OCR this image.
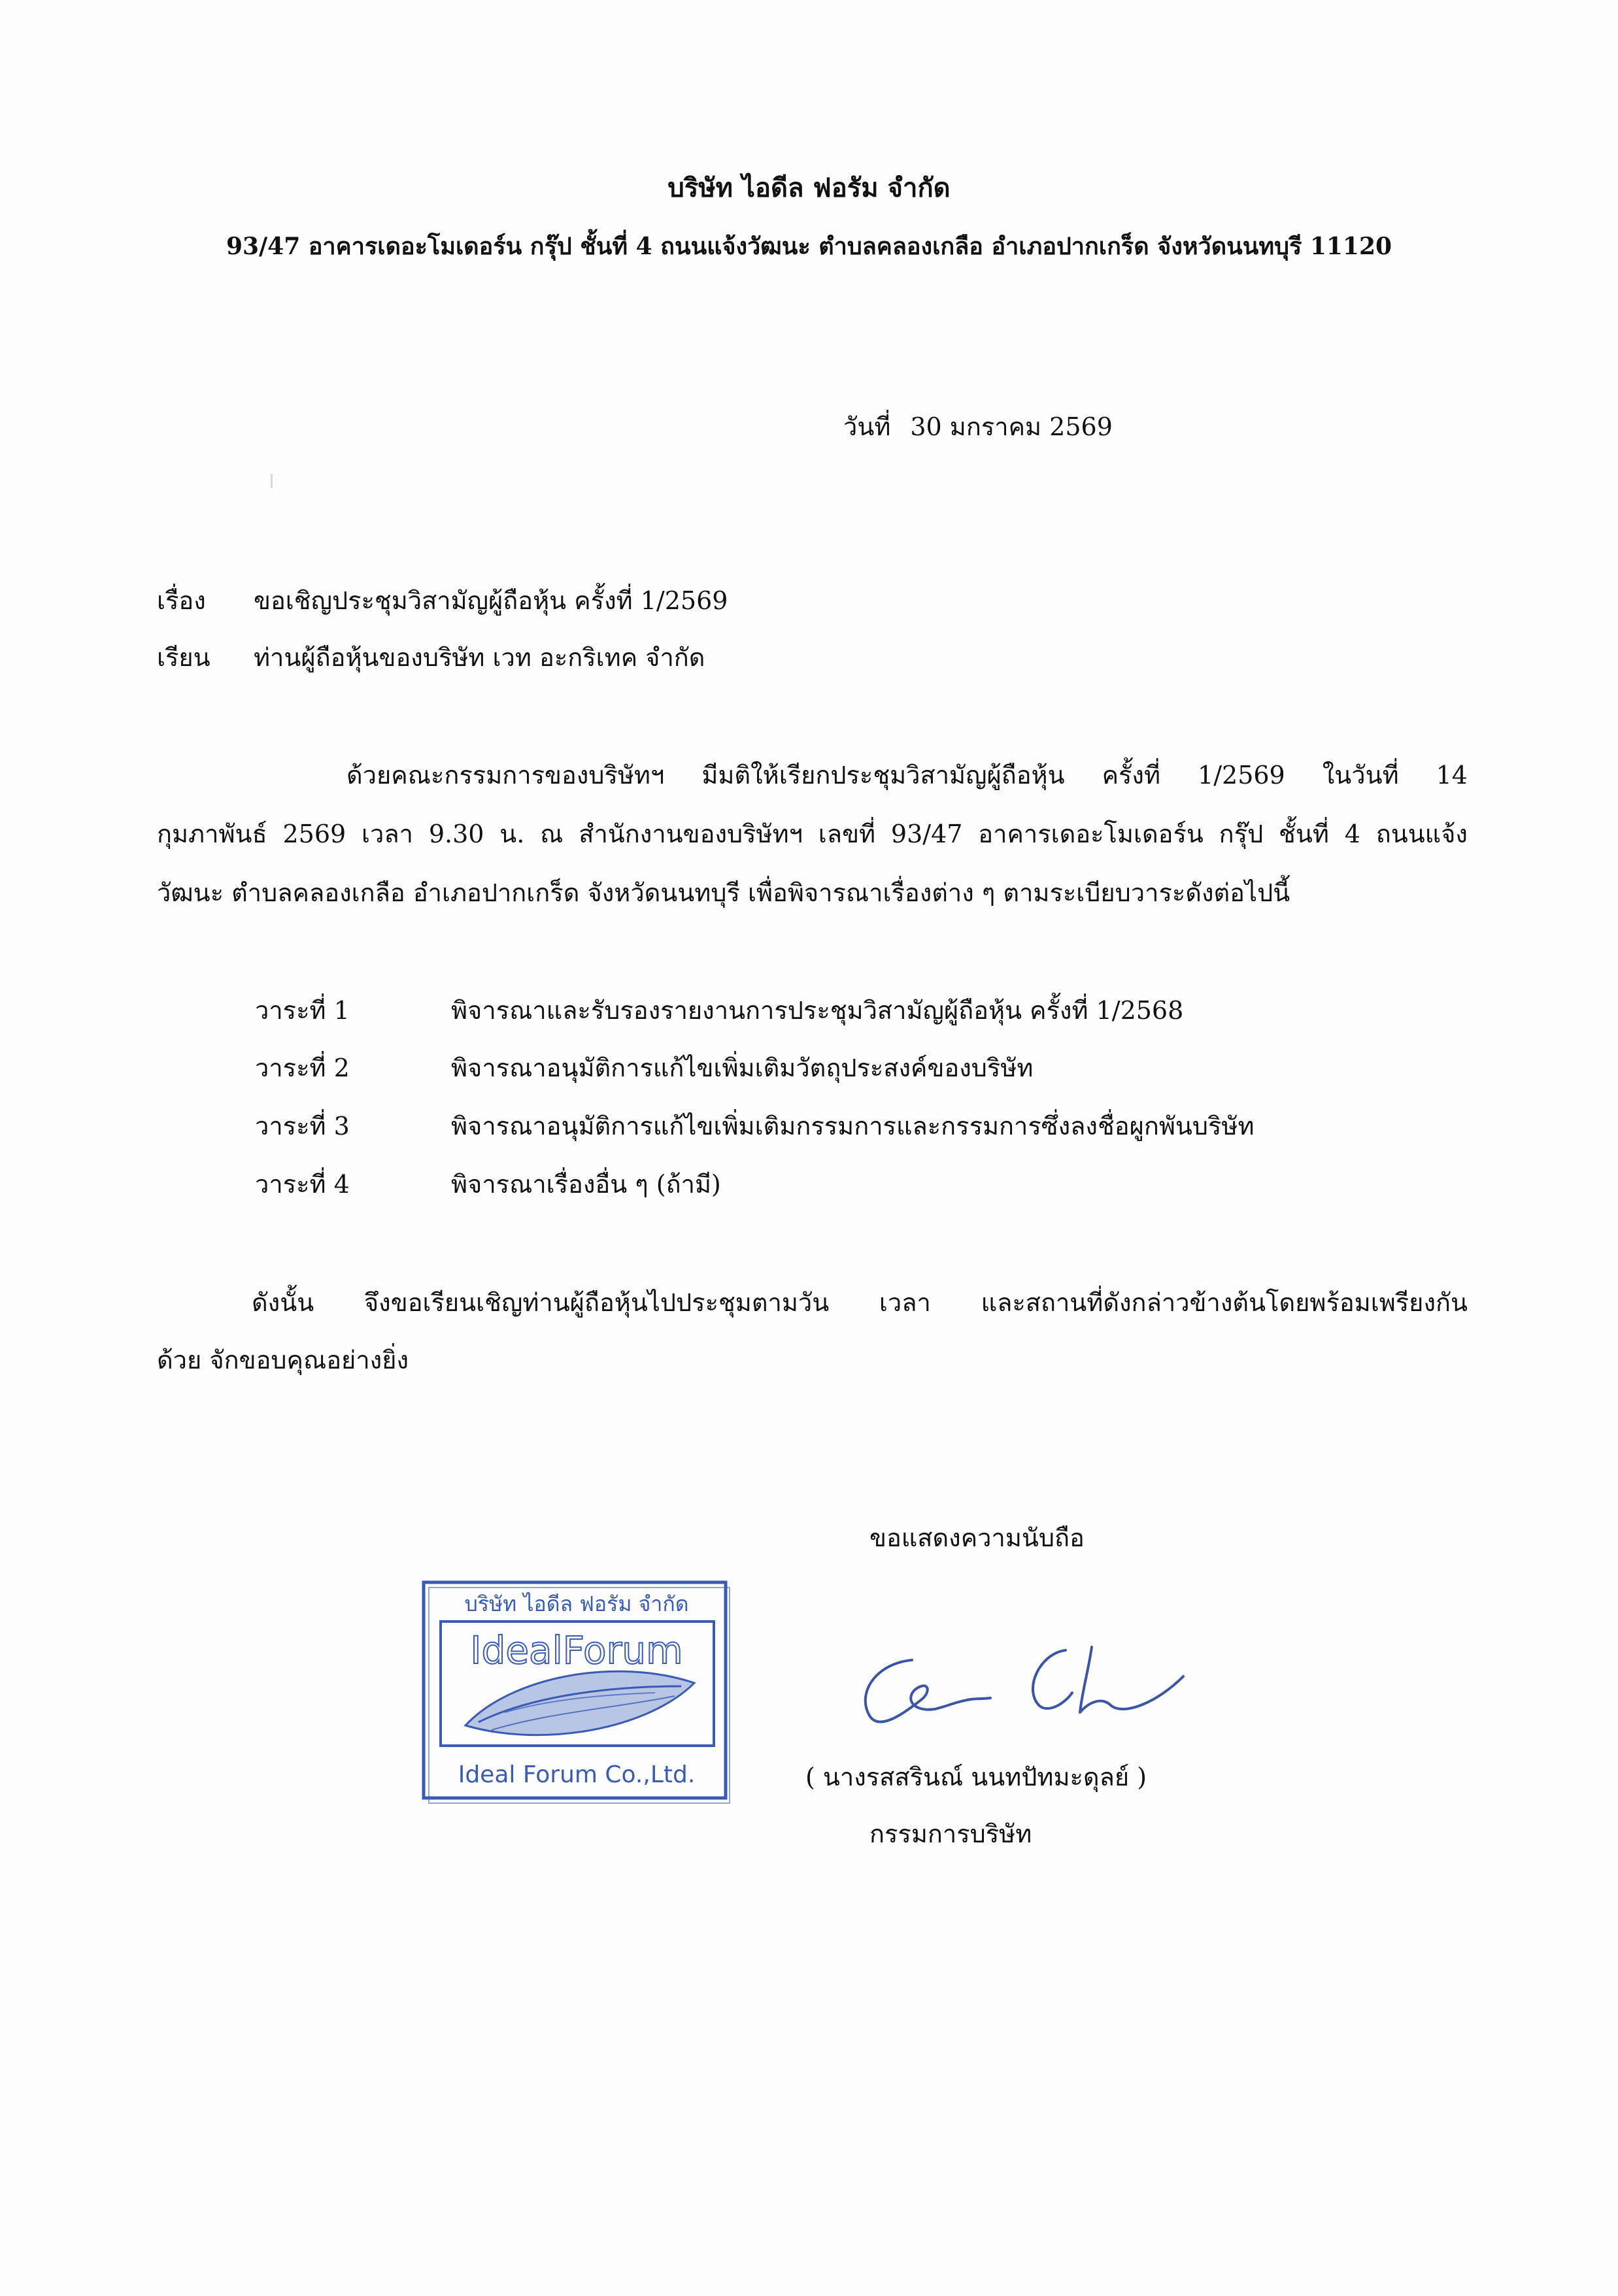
บริษัท ไอดีล ฟอรัม จำกัด
93/47 อาคารเดอะโมเดอร์น กรุ๊ป ชั้นที่ 4 ถนนแจ้งวัฒนะ ตำบลคลองเกลือ อำเภอปากเกร็ด จังหวัดนนทบุรี 11120
วันที่ 30 มกราคม 2569
เรื่อง ขอเชิญประชุมวิสามัญผู้ถือหุ้น ครั้งที่ 1/2569
เรียน ท่านผู้ถือหุ้นของบริษัท เวท อะกริเทค จำกัด
ด้วยคณะกรรมการของบริษัทฯ มีมติให้เรียกประชุมวิสามัญผู้ถือหุ้น ครั้งที่ 1/2569 ในวันที่ 14
กุมภาพันธ์ 2569 เวลา 9.30 น. ณ สำนักงานของบริษัทฯ เลขที่ 93/47 อาคารเดอะโมเดอร์น กรุ๊ป ชั้นที่ 4 ถนนแจ้ง
วัฒนะ ตำบลคลองเกลือ อำเภอปากเกร็ด จังหวัดนนทบุรี เพื่อพิจารณาเรื่องต่าง ๆ ตามระเบียบวาระดังต่อไปนี้
วาระที่ 1	พิจารณาและรับรองรายงานการประชุมวิสามัญผู้ถือหุ้น ครั้งที่ 1/2568
วาระที่ 2	พิจารณาอนุมัติการแก้ไขเพิ่มเติมวัตถุประสงค์ของบริษัท
วาระที่ 3	พิจารณาอนุมัติการแก้ไขเพิ่มเติมกรรมการและกรรมการซึ่งลงชื่อผูกพันบริษัท
วาระที่ 4	พิจารณาเรื่องอื่น ๆ (ถ้ามี)
ดังนั้น จึงขอเรียนเชิญท่านผู้ถือหุ้นไปประชุมตามวัน เวลา และสถานที่ดังกล่าวข้างต้นโดยพร้อมเพรียงกัน
ด้วย จักขอบคุณอย่างยิ่ง
ขอแสดงความนับถือ
บริษัท ไอดีล ฟอรัม จำกัด
IdealForum
Ideal Forum Co.,Ltd.	( นางรสสรินณ์ นนทปัทมะดุลย์ )
กรรมการบริษัท
